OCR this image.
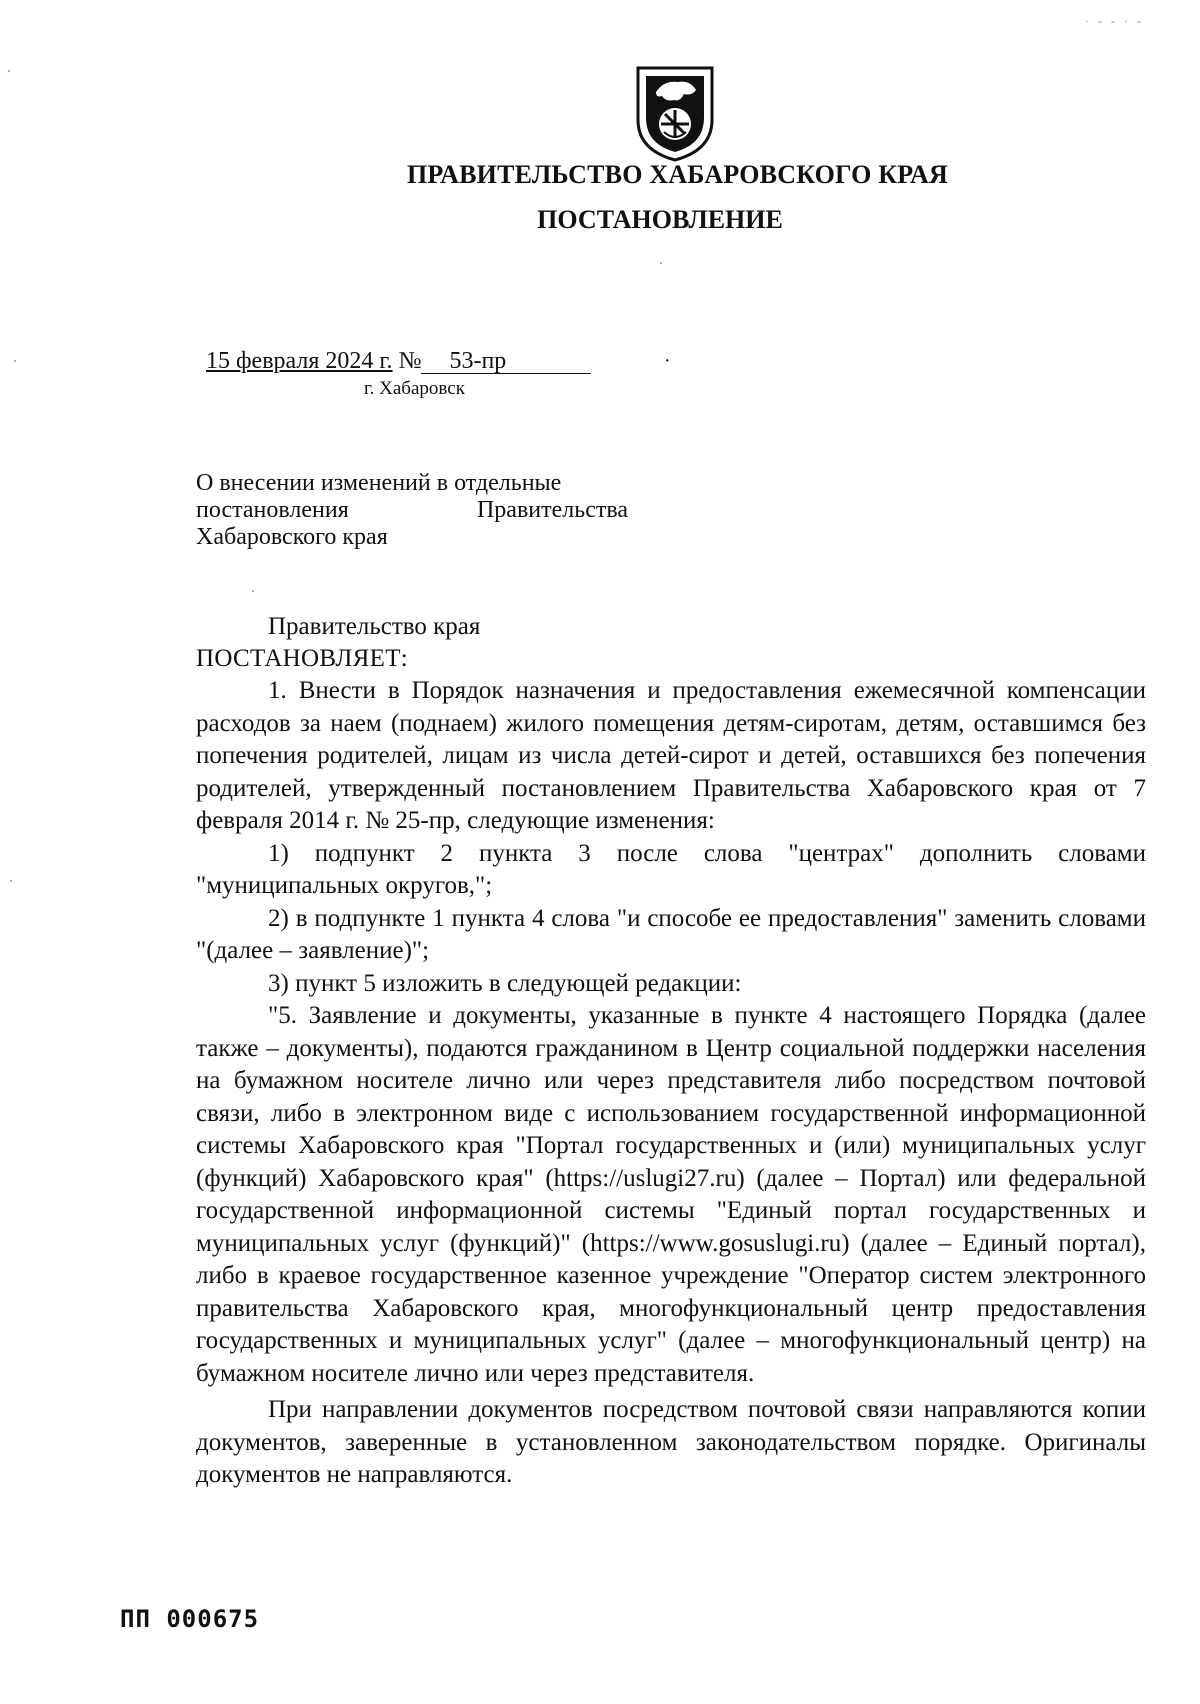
ПРАВИТЕЛЬСТВО ХАБАРОВСКОГО КРАЯ
ПОСТАНОВЛЕНИЕ
15 февраля 2024 г. № 53-пр	·
г. Хабаровск
О внесении изменений в отдельные
постановления	Правительства
Хабаровского края
Правительство края
ПОСТАНОВЛЯЕТ:

1. Внести в Порядок назначения и предоставления ежемесячной компенсации расходов за наем (поднаем) жилого помещения детям-сиротам, детям, оставшимся без попечения родителей, лицам из числа детей-сирот и детей, оставшихся без попечения родителей, утвержденный постановлением Правительства Хабаровского края от 7 февраля 2014 г. № 25-пр, следующие изменения:

1) подпункт 2 пункта 3 после слова "центрах" дополнить словами "муниципальных округов,";

2) в подпункте 1 пункта 4 слова "и способе ее предоставления" заменить словами "(далее – заявление)";

3) пункт 5 изложить в следующей редакции:

"5. Заявление и документы, указанные в пункте 4 настоящего Порядка (далее также – документы), подаются гражданином в Центр социальной поддержки населения на бумажном носителе лично или через представителя либо посредством почтовой связи, либо в электронном виде с использованием государственной информационной системы Хабаровского края "Портал государственных и (или) муниципальных услуг (функций) Хабаровского края" (https://uslugi27.ru) (далее – Портал) или федеральной государственной информационной системы "Единый портал государственных и муниципальных услуг (функций)" (https://www.gosuslugi.ru) (далее – Единый портал), либо в краевое государственное казенное учреждение "Оператор систем электронного правительства Хабаровского края, многофункциональный центр предоставления государственных и муниципальных услуг" (далее – многофункциональный центр) на бумажном носителе лично или через представителя.

При направлении документов посредством почтовой связи направляются копии документов, заверенные в установленном законодательством порядке. Оригиналы документов не направляются.

ПП 000675
· - - · -
